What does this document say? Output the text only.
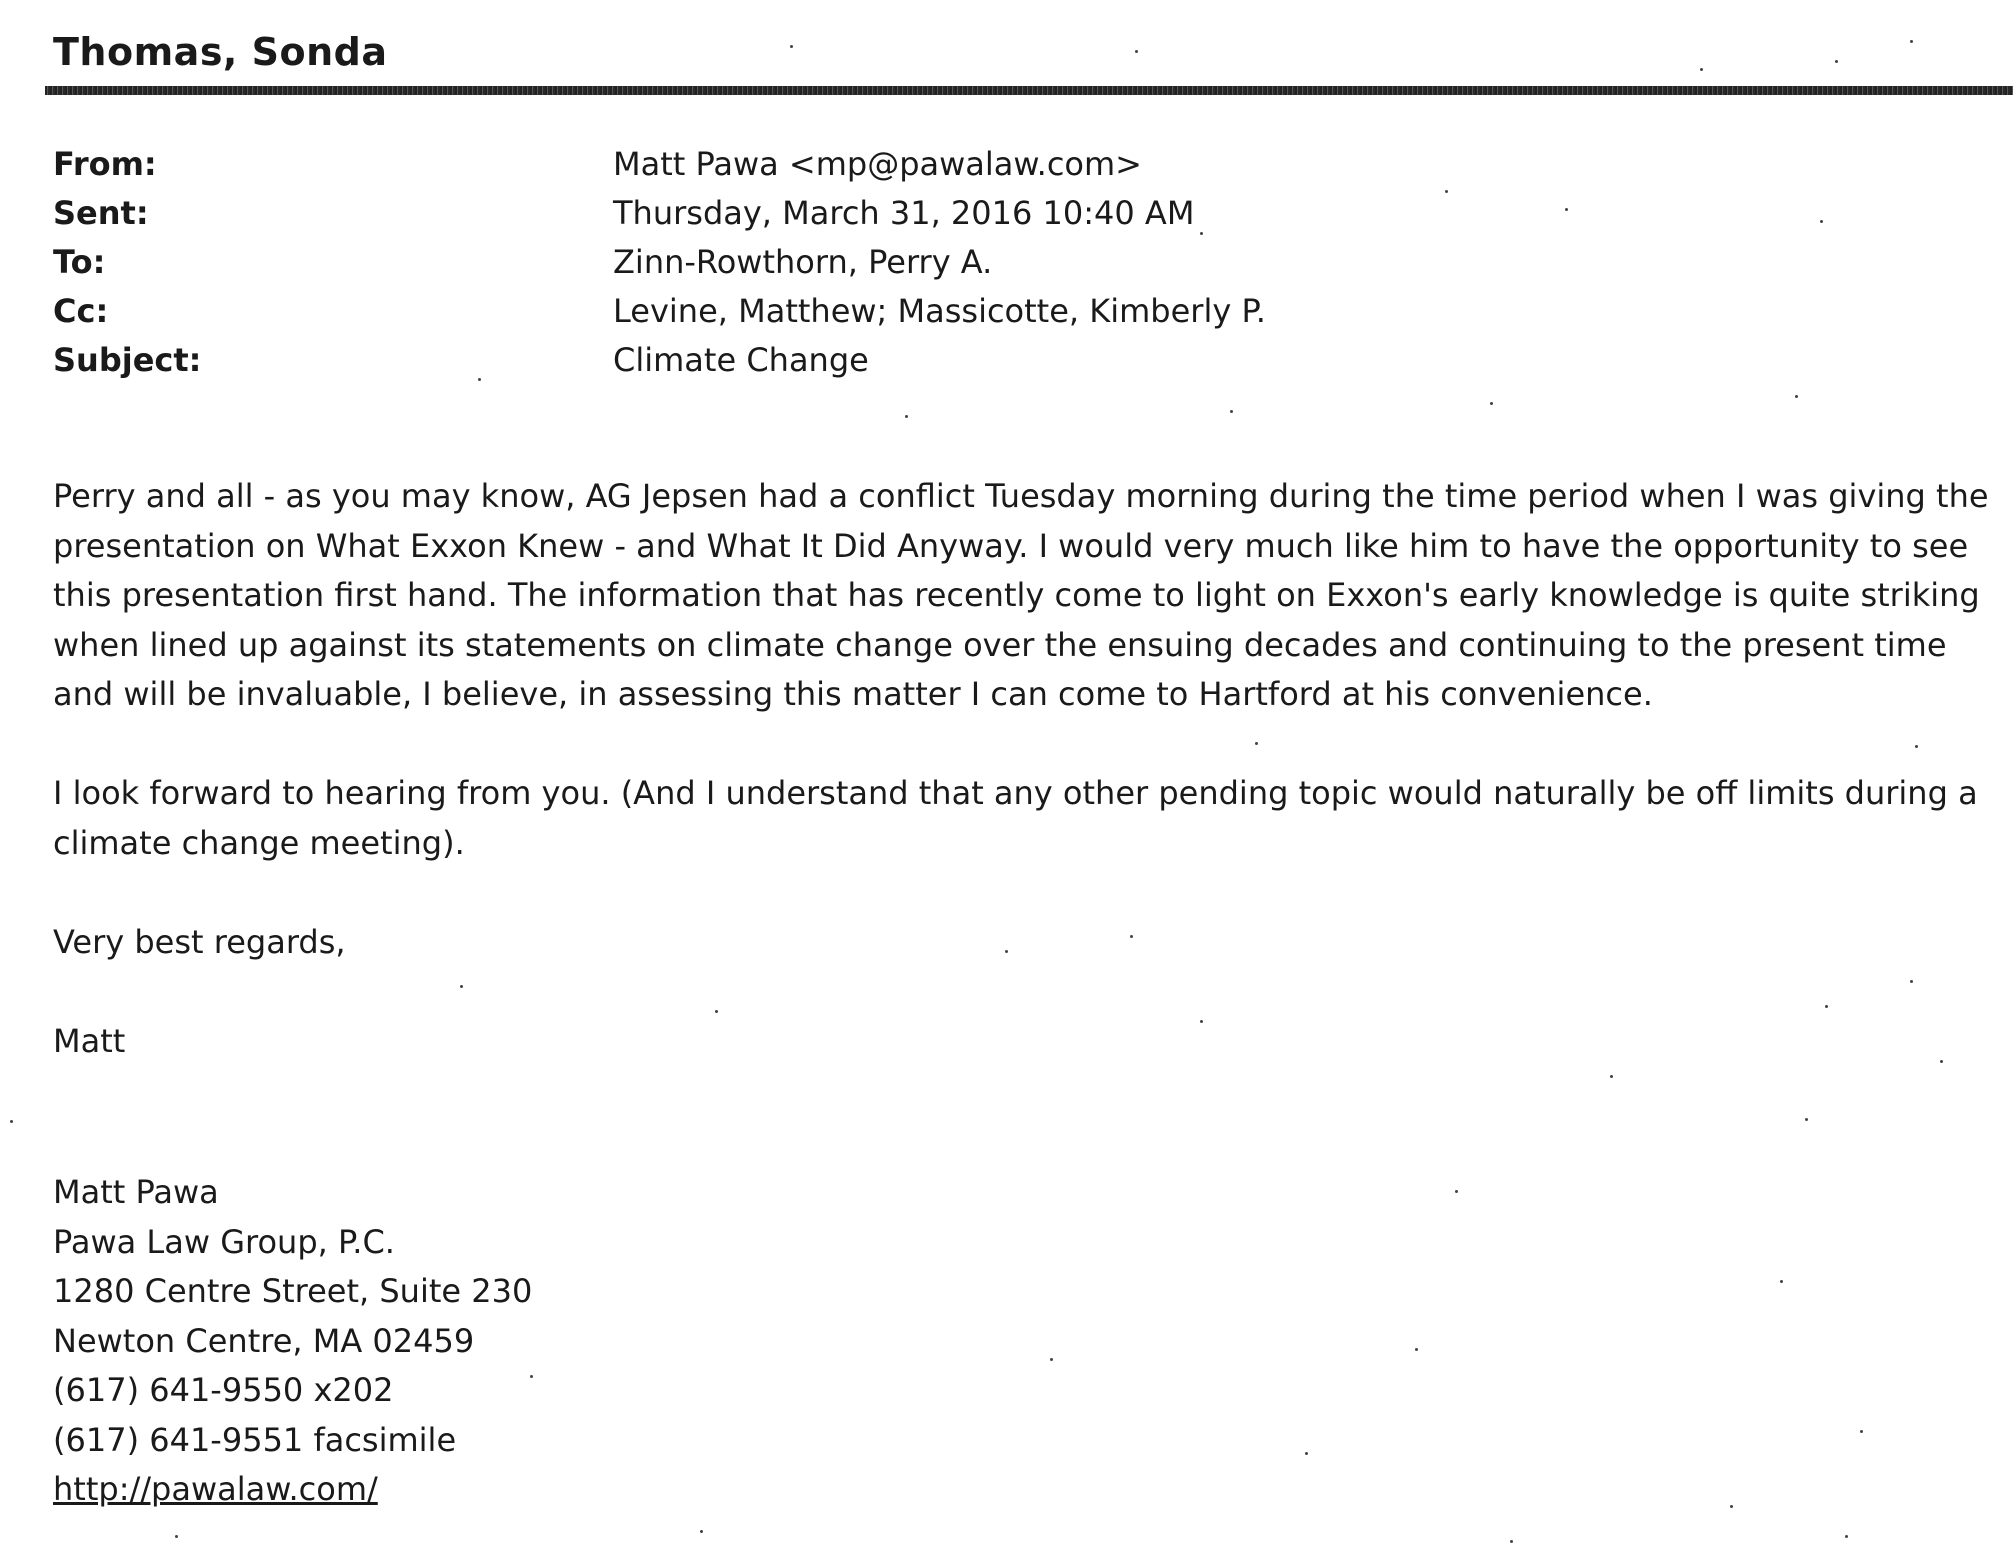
Thomas, Sonda
From:	Matt Pawa <mp@pawalaw.com>
Sent:	Thursday, March 31, 2016 10:40 AM
To:	Zinn-Rowthorn, Perry A.
Cc:	Levine, Matthew; Massicotte, Kimberly P.
Subject:	Climate Change
Perry and all - as you may know, AG Jepsen had a conflict Tuesday morning during the time period when I was giving the
presentation on What Exxon Knew - and What It Did Anyway. I would very much like him to have the opportunity to see
this presentation first hand. The information that has recently come to light on Exxon's early knowledge is quite striking
when lined up against its statements on climate change over the ensuing decades and continuing to the present time
and will be invaluable, I believe, in assessing this matter I can come to Hartford at his convenience.
I look forward to hearing from you. (And I understand that any other pending topic would naturally be off limits during a
climate change meeting).
Very best regards,
Matt
Matt Pawa
Pawa Law Group, P.C.
1280 Centre Street, Suite 230
Newton Centre, MA 02459
(617) 641-9550 x202
(617) 641-9551 facsimile
http://pawalaw.com/
